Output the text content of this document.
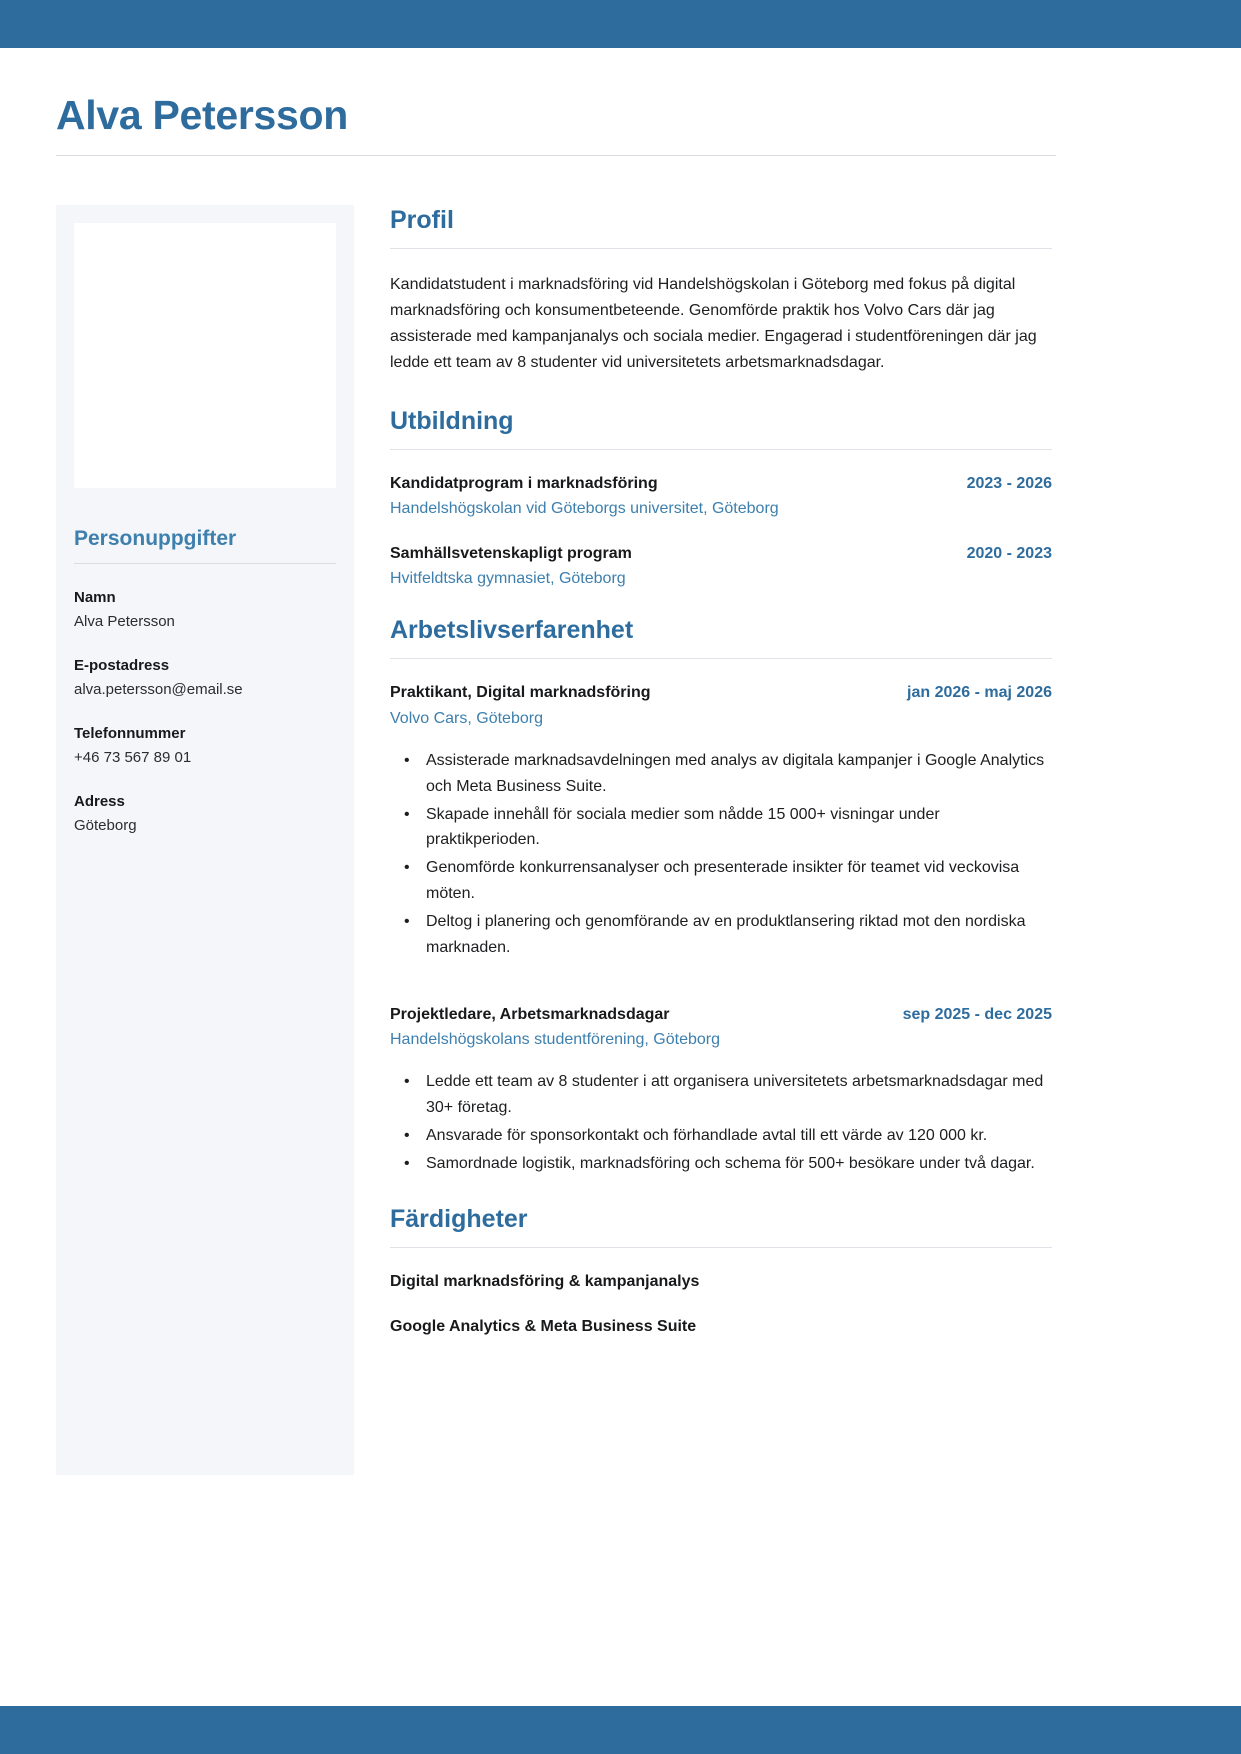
Alva Petersson
Personuppgifter
Namn
Alva Petersson
E-postadress
alva.petersson@email.se
Telefonnummer
+46 73 567 89 01
Adress
Göteborg
Profil

Kandidatstudent i marknadsföring vid Handelshögskolan i Göteborg med fokus på digital marknadsföring och konsumentbeteende. Genomförde praktik hos Volvo Cars där jag assisterade med kampanjanalys och sociala medier. Engagerad i studentföreningen där jag ledde ett team av 8 studenter vid universitetets arbetsmarknadsdagar.

Utbildning
Kandidatprogram i marknadsföring	2023 - 2026
Handelshögskolan vid Göteborgs universitet, Göteborg
Samhällsvetenskapligt program	2020 - 2023
Hvitfeldtska gymnasiet, Göteborg
Arbetslivserfarenhet
Praktikant, Digital marknadsföring	jan 2026 - maj 2026
Volvo Cars, Göteborg
• Assisterade marknadsavdelningen med analys av digitala kampanjer i Google Analytics och Meta Business Suite.
• Skapade innehåll för sociala medier som nådde 15 000+ visningar under praktikperioden.
• Genomförde konkurrensanalyser och presenterade insikter för teamet vid veckovisa möten.
• Deltog i planering och genomförande av en produktlansering riktad mot den nordiska marknaden.
Projektledare, Arbetsmarknadsdagar	sep 2025 - dec 2025
Handelshögskolans studentförening, Göteborg
• Ledde ett team av 8 studenter i att organisera universitetets arbetsmarknadsdagar med 30+ företag.
• Ansvarade för sponsorkontakt och förhandlade avtal till ett värde av 120 000 kr.
• Samordnade logistik, marknadsföring och schema för 500+ besökare under två dagar.
Färdigheter
Digital marknadsföring & kampanjanalys
Google Analytics & Meta Business Suite
